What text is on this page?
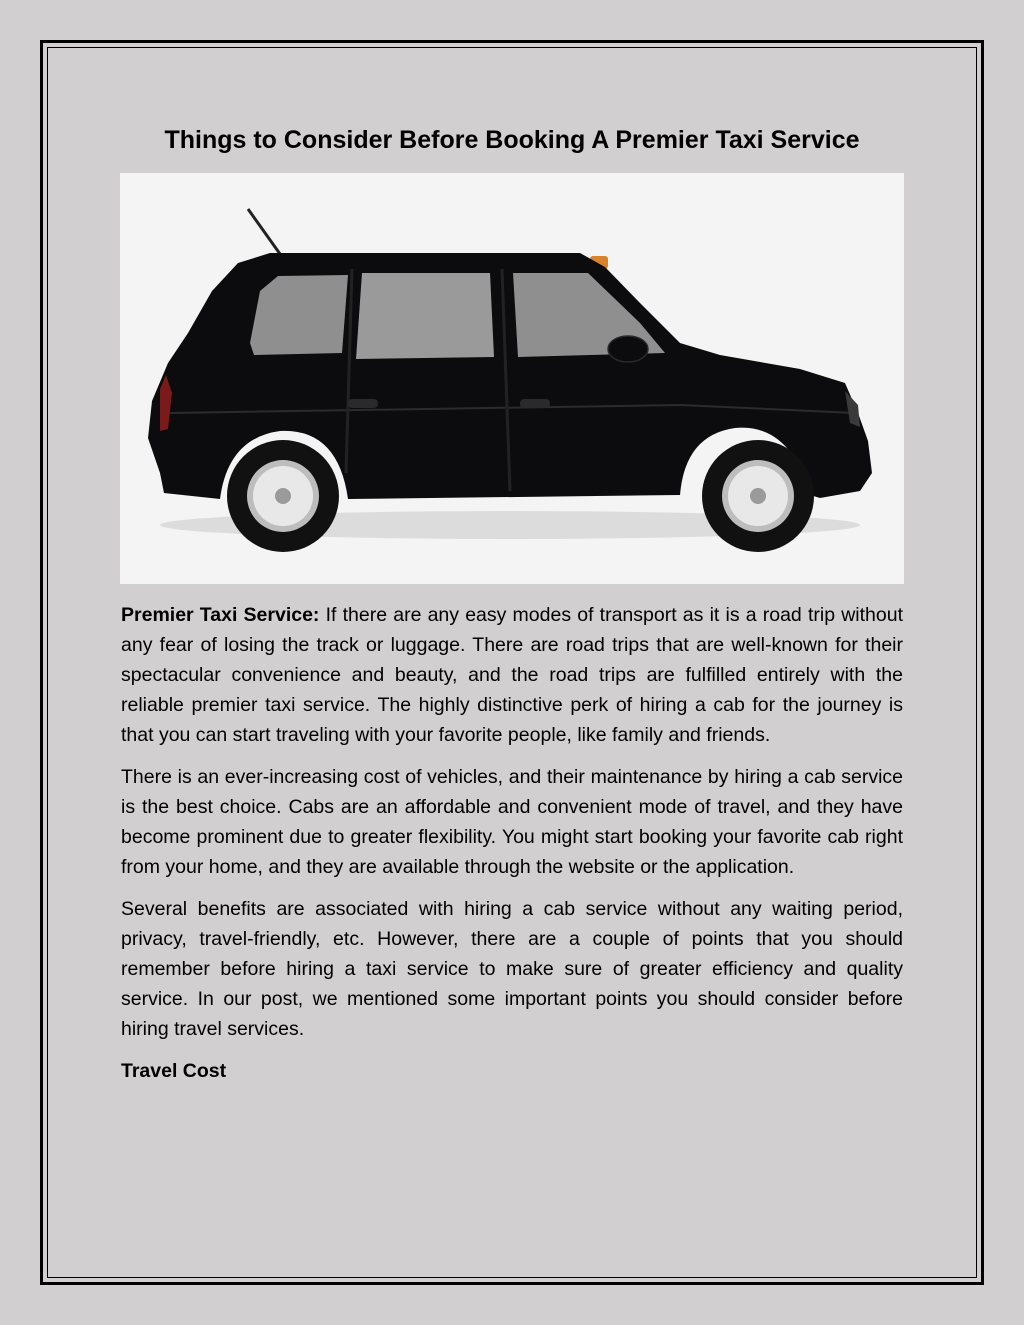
Things to Consider Before Booking A Premier Taxi Service

Premier Taxi Service: If there are any easy modes of transport as it is a road trip without any fear of losing the track or luggage. There are road trips that are well-known for their spectacular convenience and beauty, and the road trips are fulfilled entirely with the reliable premier taxi service. The highly distinctive perk of hiring a cab for the journey is that you can start traveling with your favorite people, like family and friends.

There is an ever-increasing cost of vehicles, and their maintenance by hiring a cab service is the best choice. Cabs are an affordable and convenient mode of travel, and they have become prominent due to greater flexibility. You might start booking your favorite cab right from your home, and they are available through the website or the application.

Several benefits are associated with hiring a cab service without any waiting period, privacy, travel-friendly, etc. However, there are a couple of points that you should remember before hiring a taxi service to make sure of greater efficiency and quality service. In our post, we mentioned some important points you should consider before hiring travel services.

Travel Cost
